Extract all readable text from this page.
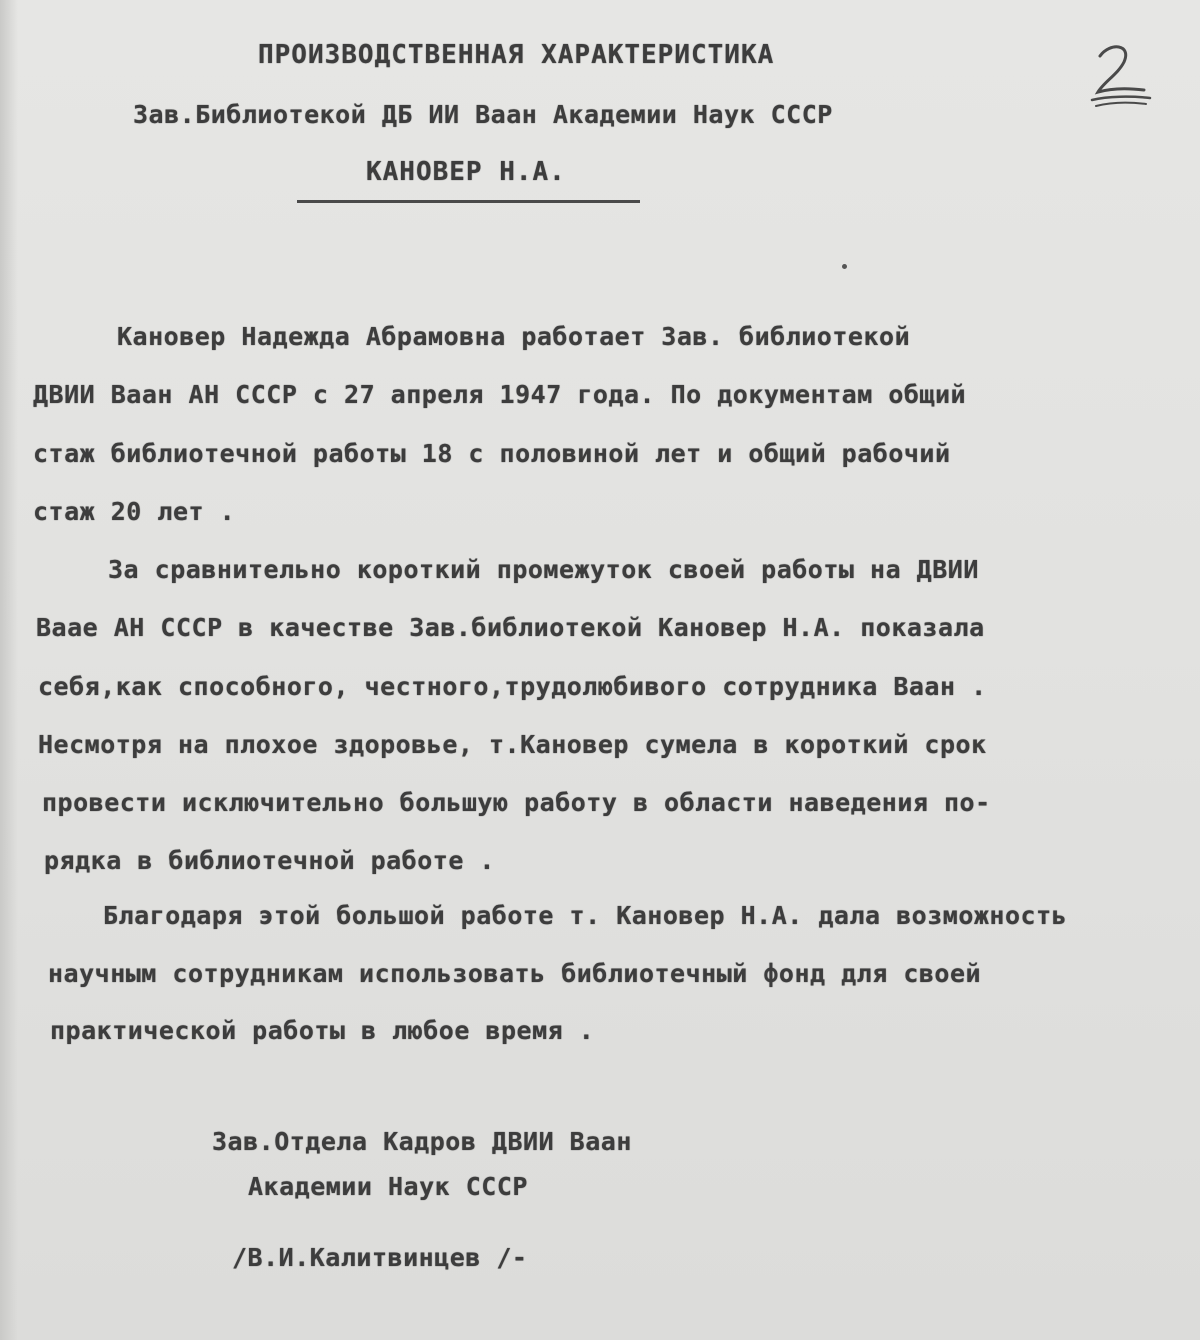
ПРОИЗВОДСТВЕННАЯ ХАРАКТЕРИСТИКА
Зав.Библиотекой ДБ ИИ Ваан Академии Наук СССР
КАНОВЕР Н.А.
Кановер Надежда Абрамовна работает Зав. библиотекой
ДВИИ Ваан АН СССР с 27 апреля 1947 года. По документам общий
стаж библиотечной работы 18 с половиной лет и общий рабочий
стаж 20 лет .
За сравнительно короткий промежуток своей работы на ДВИИ
Вааe АН СССР в качестве Зав.библиотекой Кановер Н.А. показала
себя,как способного, честного,трудолюбивого сотрудника Ваан .
Несмотря на плохое здоровье, т.Кановер сумела в короткий срок
провести исключительно большую работу в области наведения по-
рядка в библиотечной работе .
Благодаря этой большой работе т. Кановер Н.А. дала возможность
научным сотрудникам использовать библиотечный фонд для своей
практической работы в любое время .
Зав.Отдела Кадров ДВИИ Ваан
Академии Наук СССР
/В.И.Калитвинцев /-
